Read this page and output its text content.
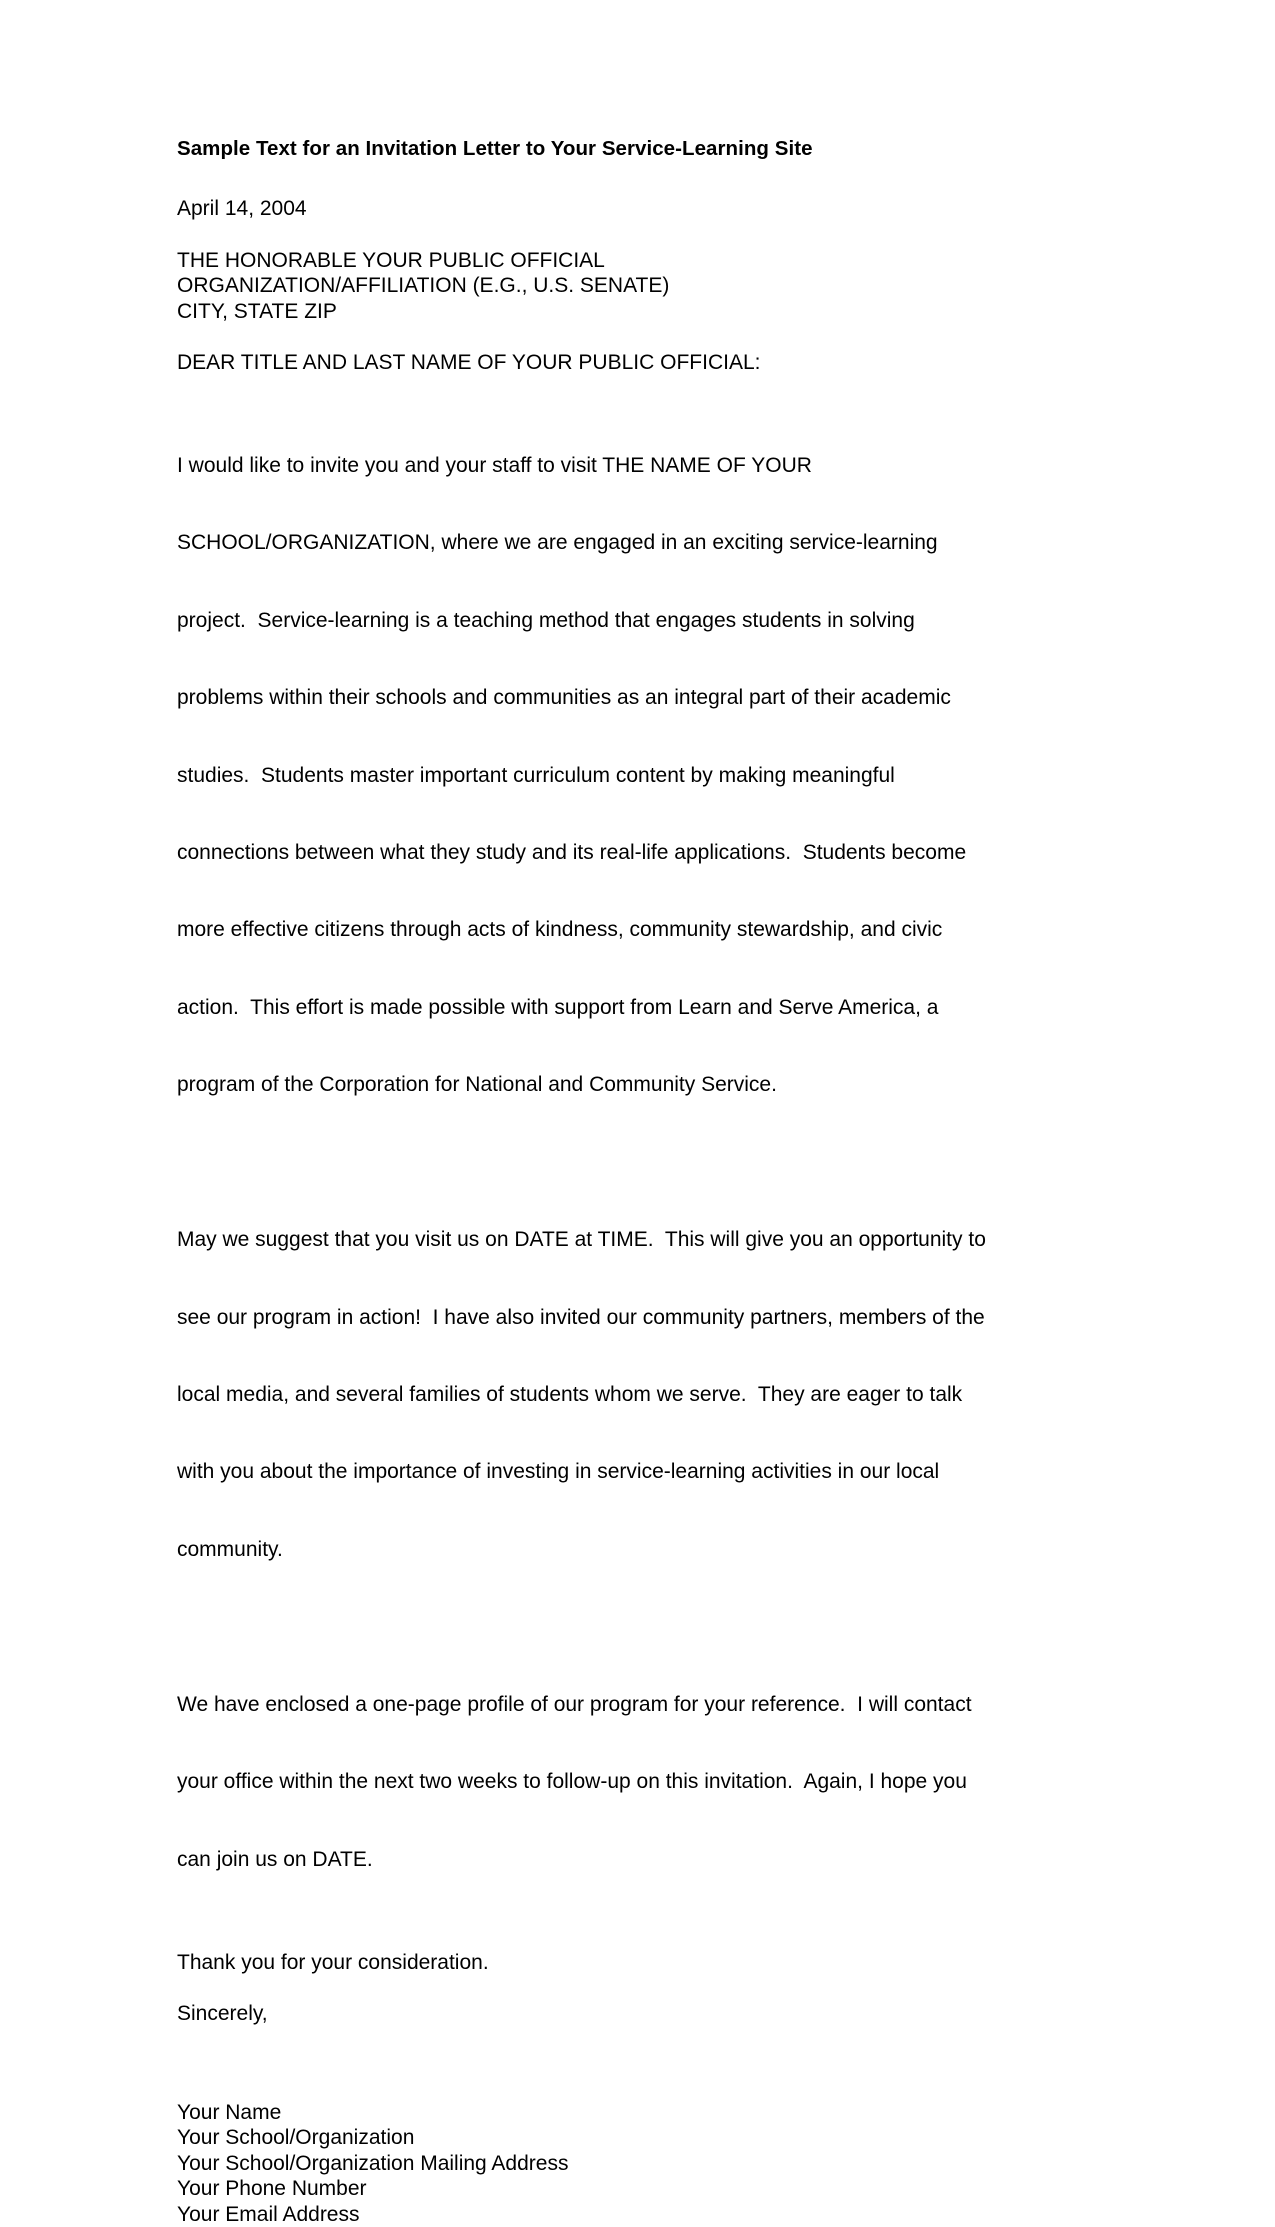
Sample Text for an Invitation Letter to Your Service-Learning Site
April 14, 2004
THE HONORABLE YOUR PUBLIC OFFICIAL
ORGANIZATION/AFFILIATION (E.G., U.S. SENATE)
CITY, STATE ZIP
DEAR TITLE AND LAST NAME OF YOUR PUBLIC OFFICIAL:

I would like to invite you and your staff to visit THE NAME OF YOUR

SCHOOL/ORGANIZATION, where we are engaged in an exciting service-learning

project.  Service-learning is a teaching method that engages students in solving

problems within their schools and communities as an integral part of their academic

studies.  Students master important curriculum content by making meaningful

connections between what they study and its real-life applications.  Students become

more effective citizens through acts of kindness, community stewardship, and civic

action.  This effort is made possible with support from Learn and Serve America, a

program of the Corporation for National and Community Service.

May we suggest that you visit us on DATE at TIME.  This will give you an opportunity to

see our program in action!  I have also invited our community partners, members of the

local media, and several families of students whom we serve.  They are eager to talk

with you about the importance of investing in service-learning activities in our local

community.

We have enclosed a one-page profile of our program for your reference.  I will contact

your office within the next two weeks to follow-up on this invitation.  Again, I hope you

can join us on DATE.

Thank you for your consideration.
Sincerely,
Your Name
Your School/Organization
Your School/Organization Mailing Address
Your Phone Number
Your Email Address
